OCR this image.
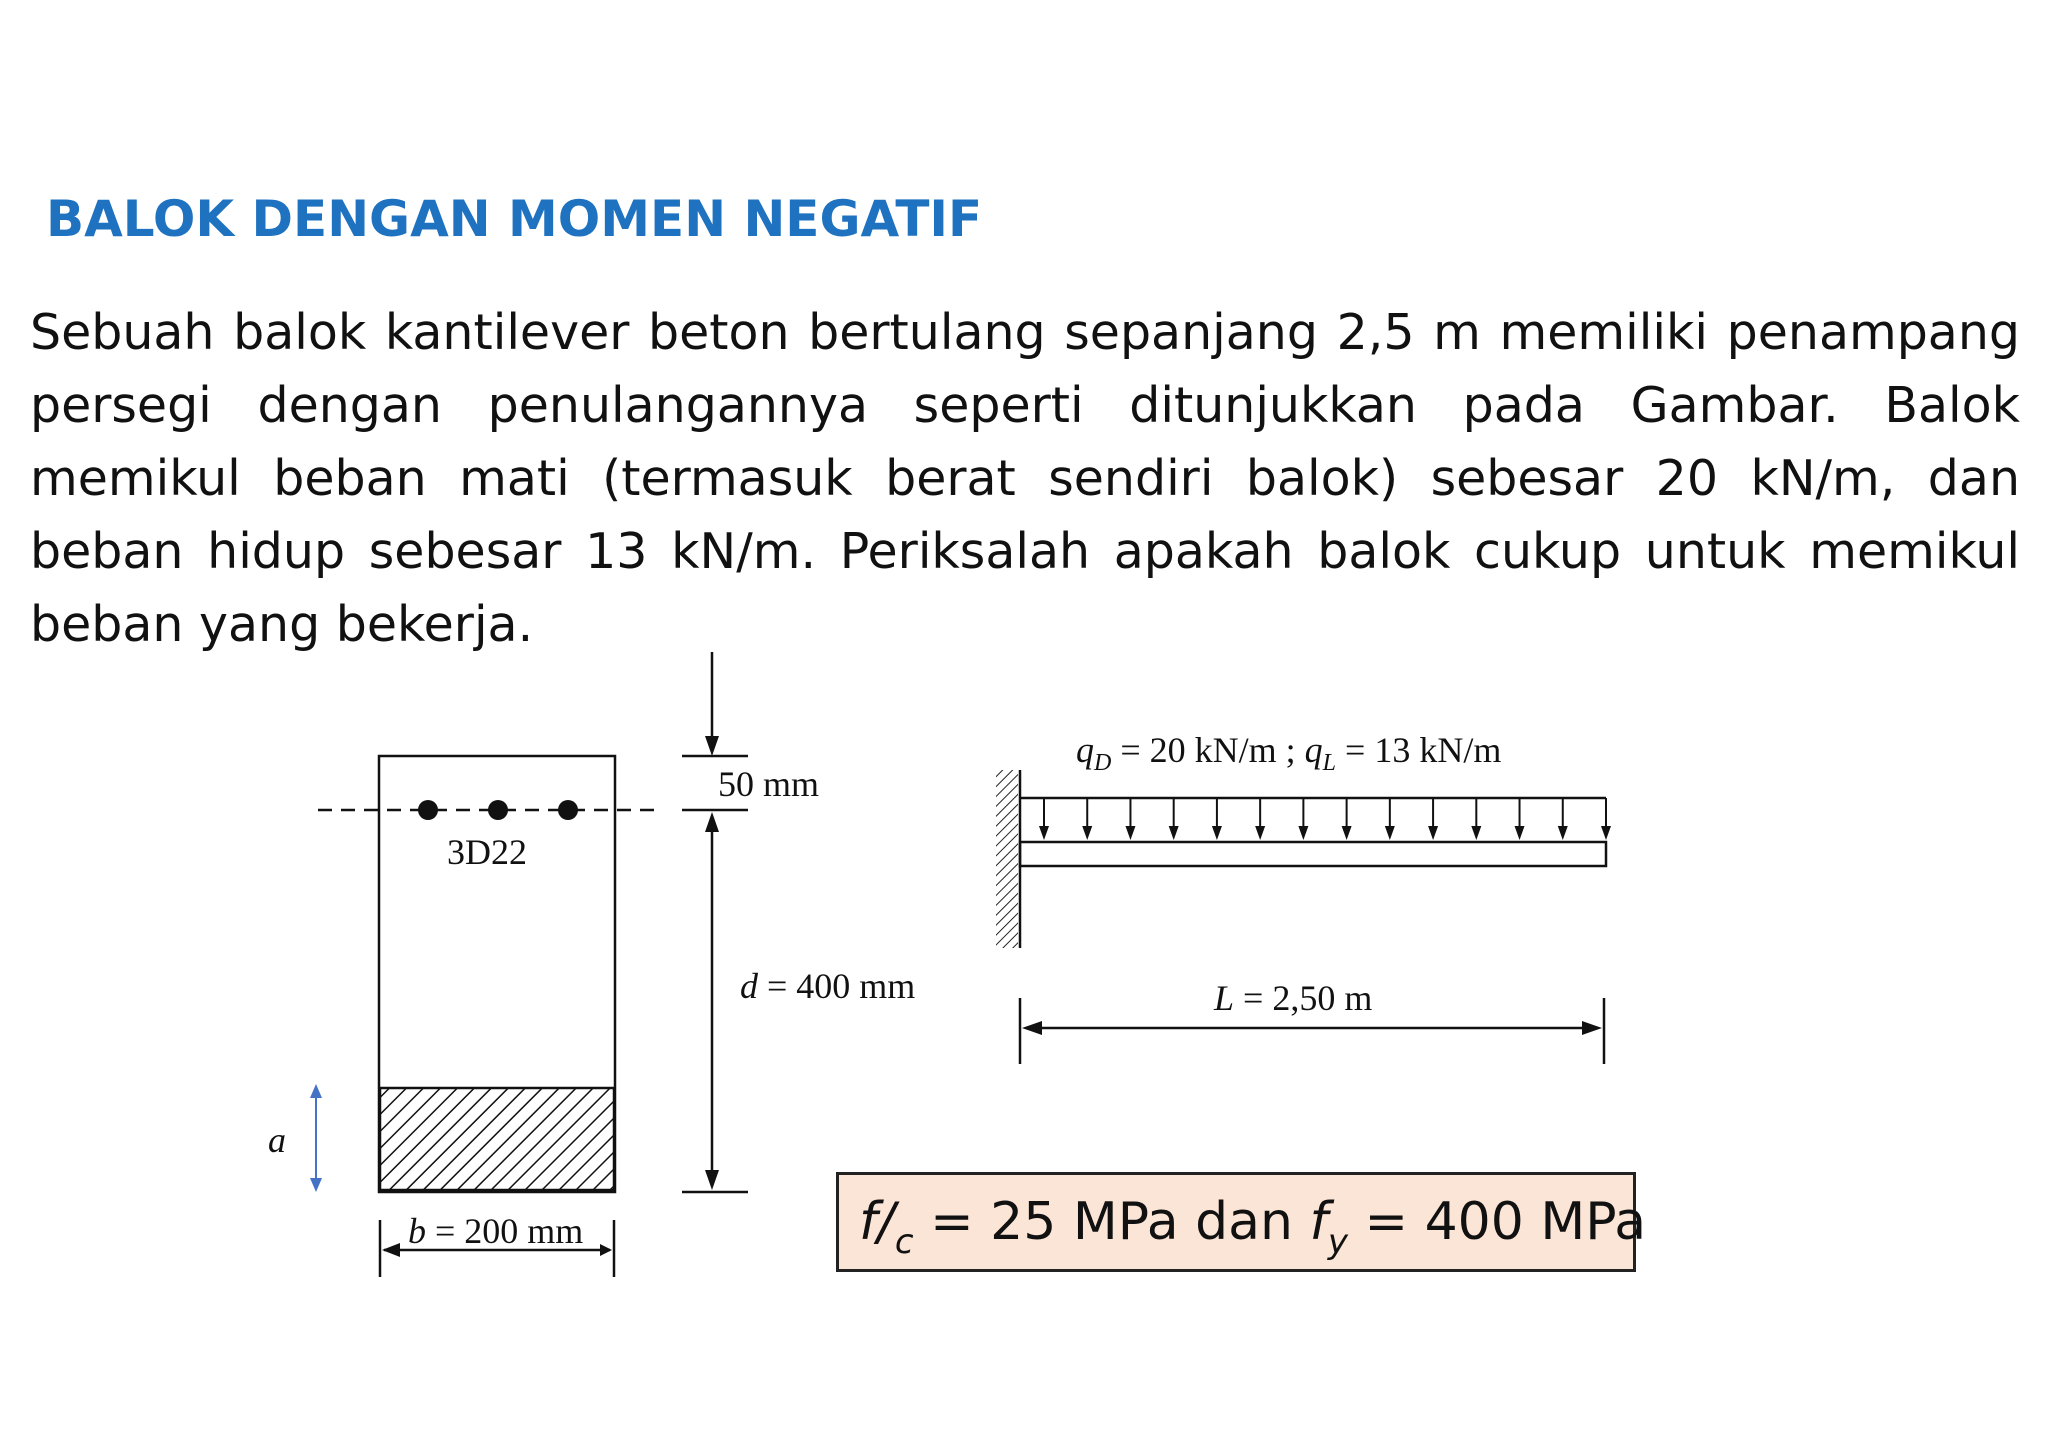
BALOK DENGAN MOMEN NEGATIF
Sebuah balok kantilever beton bertulang sepanjang 2,5 m memiliki penampang
persegi dengan penulangannya seperti ditunjukkan pada Gambar. Balok
memikul beban mati (termasuk berat sendiri balok) sebesar 20 kN/m, dan
beban hidup sebesar 13 kN/m. Periksalah apakah balok cukup untuk memikul
beban yang bekerja.
3D22
b = 200 mm
a
50 mm
d = 400 mm
$q_D = 20$ kN/m ; $q_L = 13$ kN/m
L = 2,50 m
$f/_c = 25$ MPa dan $f_y = 400$ MPa
